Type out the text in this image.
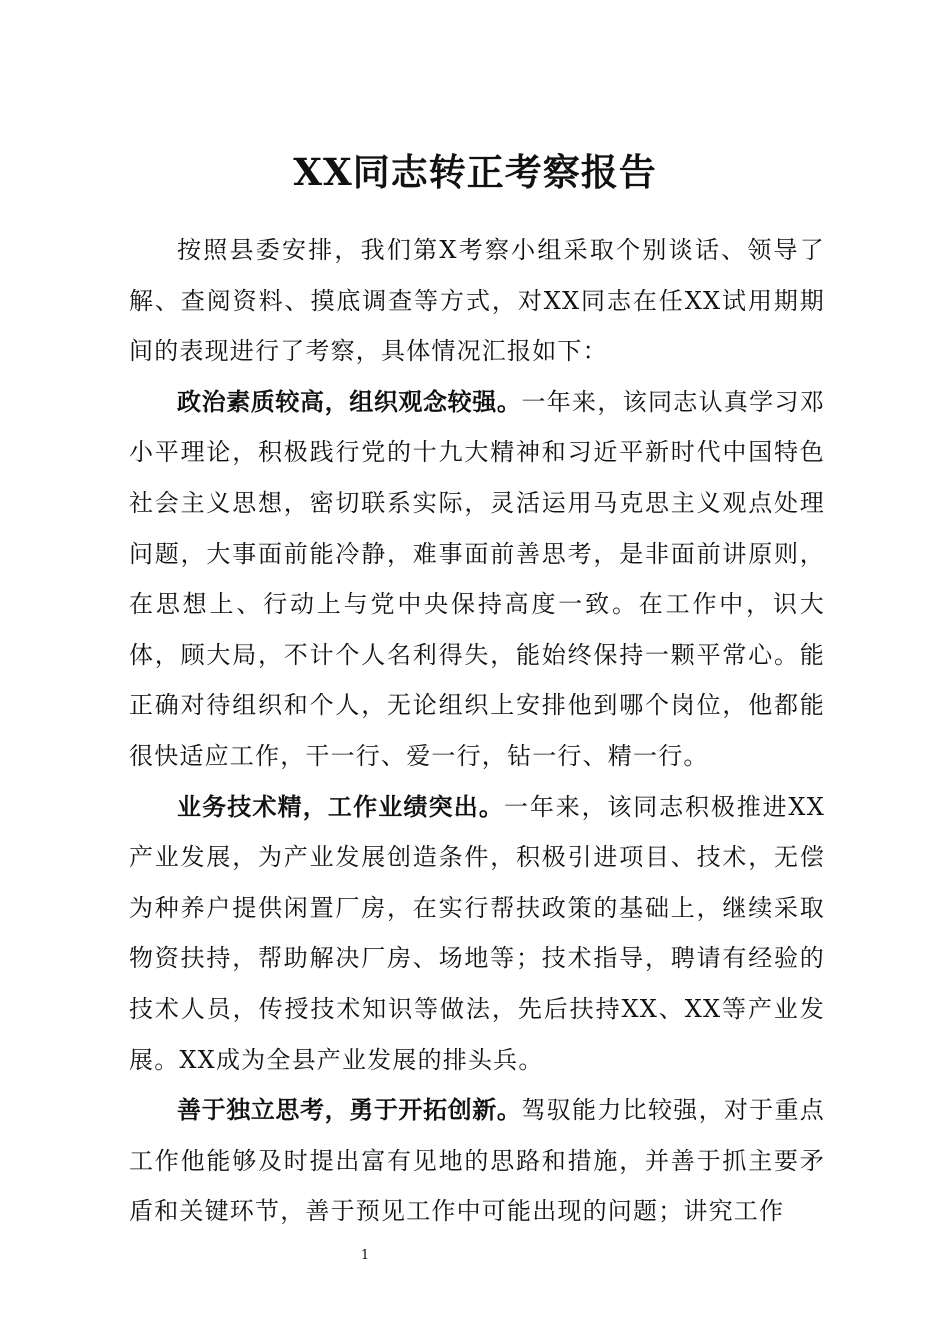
XX同志转正考察报告

按照县委安排，我们第X考察小组采取个别谈话、领导了解、查阅资料、摸底调查等方式，对XX同志在任XX试用期期间的表现进行了考察，具体情况汇报如下：

政治素质较高，组织观念较强。一年来，该同志认真学习邓小平理论，积极践行党的十九大精神和习近平新时代中国特色社会主义思想，密切联系实际，灵活运用马克思主义观点处理问题，大事面前能冷静，难事面前善思考，是非面前讲原则，在思想上、行动上与党中央保持高度一致。在工作中，识大体，顾大局，不计个人名利得失，能始终保持一颗平常心。能正确对待组织和个人，无论组织上安排他到哪个岗位，他都能很快适应工作，干一行、爱一行，钻一行、精一行。

业务技术精，工作业绩突出。一年来，该同志积极推进XX产业发展，为产业发展创造条件，积极引进项目、技术，无偿为种养户提供闲置厂房，在实行帮扶政策的基础上，继续采取物资扶持，帮助解决厂房、场地等；技术指导，聘请有经验的技术人员，传授技术知识等做法，先后扶持XX、XX等产业发展。XX成为全县产业发展的排头兵。

善于独立思考，勇于开拓创新。驾驭能力比较强，对于重点工作他能够及时提出富有见地的思路和措施，并善于抓主要矛盾和关键环节，善于预见工作中可能出现的问题；讲究工作

1
